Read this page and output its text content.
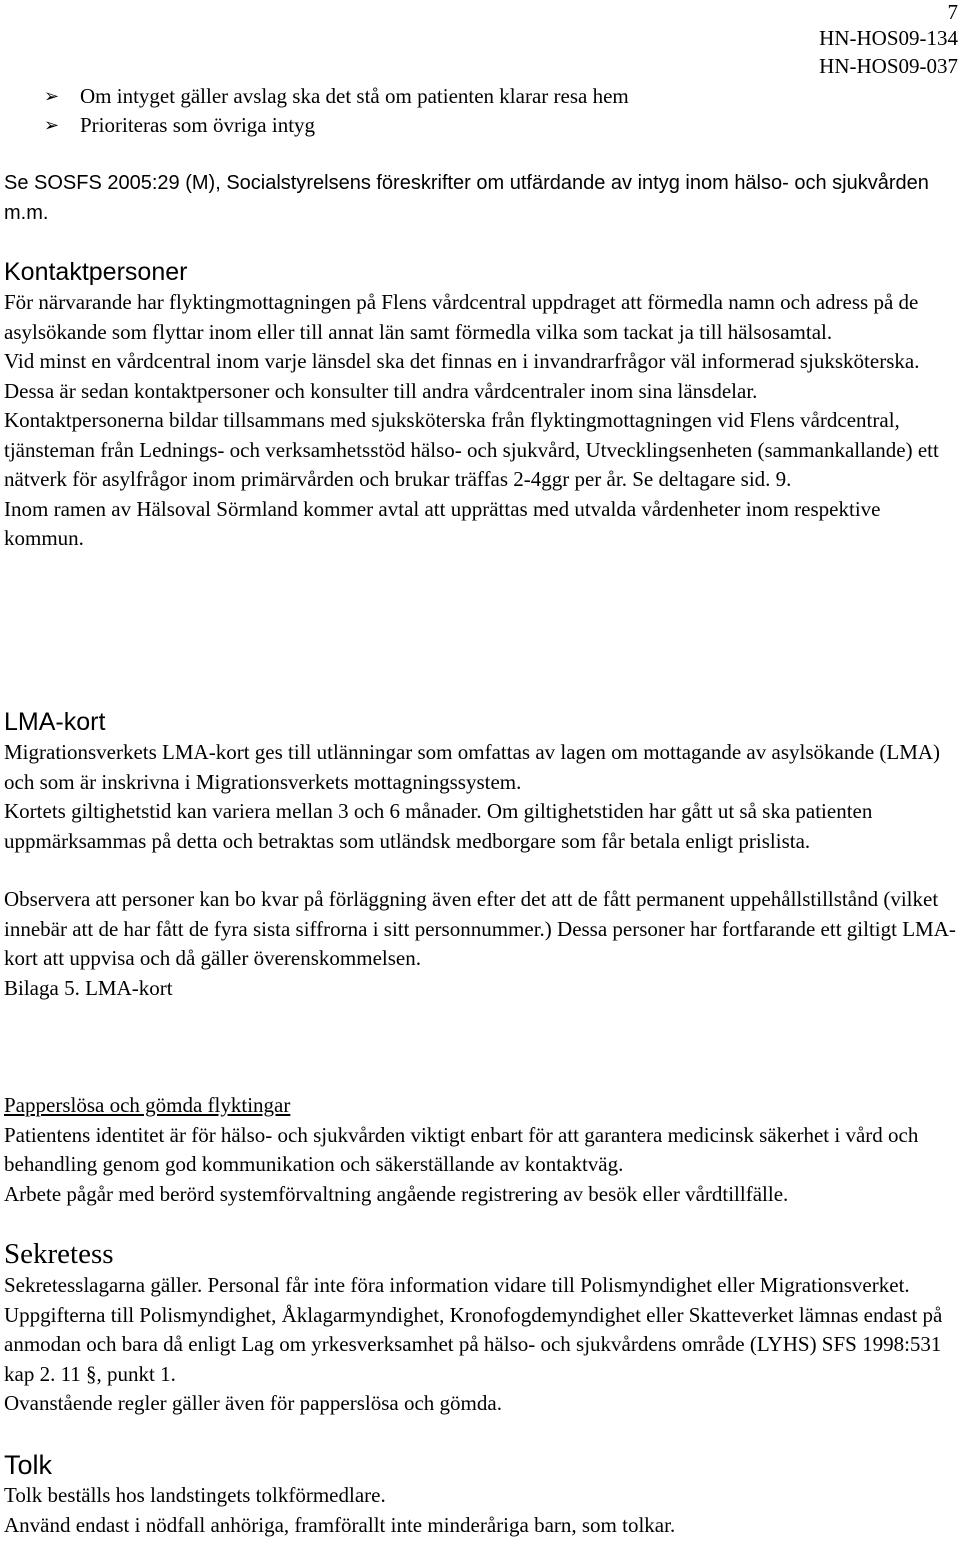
7
HN-HOS09-134
HN-HOS09-037
➢ Om intyget gäller avslag ska det stå om patienten klarar resa hem
➢ Prioriteras som övriga intyg

Se SOSFS 2005:29 (M), Socialstyrelsens föreskrifter om utfärdande av intyg inom hälso- och sjukvården m.m.

Kontaktpersoner

För närvarande har flyktingmottagningen på Flens vårdcentral uppdraget att förmedla namn och adress på de asylsökande som flyttar inom eller till annat län samt förmedla vilka som tackat ja till hälsosamtal.

Vid minst en vårdcentral inom varje länsdel ska det finnas en i invandrarfrågor väl informerad sjuksköterska. Dessa är sedan kontaktpersoner och konsulter till andra vårdcentraler inom sina länsdelar.

Kontaktpersonerna bildar tillsammans med sjuksköterska från flyktingmottagningen vid Flens vårdcentral, tjänsteman från Lednings- och verksamhetsstöd hälso- och sjukvård, Utvecklingsenheten (sammankallande) ett nätverk för asylfrågor inom primärvården och brukar träffas 2-4ggr per år. Se deltagare sid. 9.

Inom ramen av Hälsoval Sörmland kommer avtal att upprättas med utvalda vårdenheter inom respektive kommun.

LMA-kort

Migrationsverkets LMA-kort ges till utlänningar som omfattas av lagen om mottagande av asylsökande (LMA) och som är inskrivna i Migrationsverkets mottagningssystem.

Kortets giltighetstid kan variera mellan 3 och 6 månader. Om giltighetstiden har gått ut så ska patienten uppmärksammas på detta och betraktas som utländsk medborgare som får betala enligt prislista.

Observera att personer kan bo kvar på förläggning även efter det att de fått permanent uppehållstillstånd (vilket innebär att de har fått de fyra sista siffrorna i sitt personnummer.) Dessa personer har fortfarande ett giltigt LMA-kort att uppvisa och då gäller överenskommelsen.

Bilaga 5. LMA-kort

Papperslösa och gömda flyktingar

Patientens identitet är för hälso- och sjukvården viktigt enbart för att garantera medicinsk säkerhet i vård och behandling genom god kommunikation och säkerställande av kontaktväg.

Arbete pågår med berörd systemförvaltning angående registrering av besök eller vårdtillfälle.

Sekretess

Sekretesslagarna gäller. Personal får inte föra information vidare till Polismyndighet eller Migrationsverket. Uppgifterna till Polismyndighet, Åklagarmyndighet, Kronofogdemyndighet eller Skatteverket lämnas endast på anmodan och bara då enligt Lag om yrkesverksamhet på hälso- och sjukvårdens område (LYHS) SFS 1998:531 kap 2. 11 §, punkt 1.

Ovanstående regler gäller även för papperslösa och gömda.

Tolk

Tolk beställs hos landstingets tolkförmedlare.

Använd endast i nödfall anhöriga, framförallt inte minderåriga barn, som tolkar.
